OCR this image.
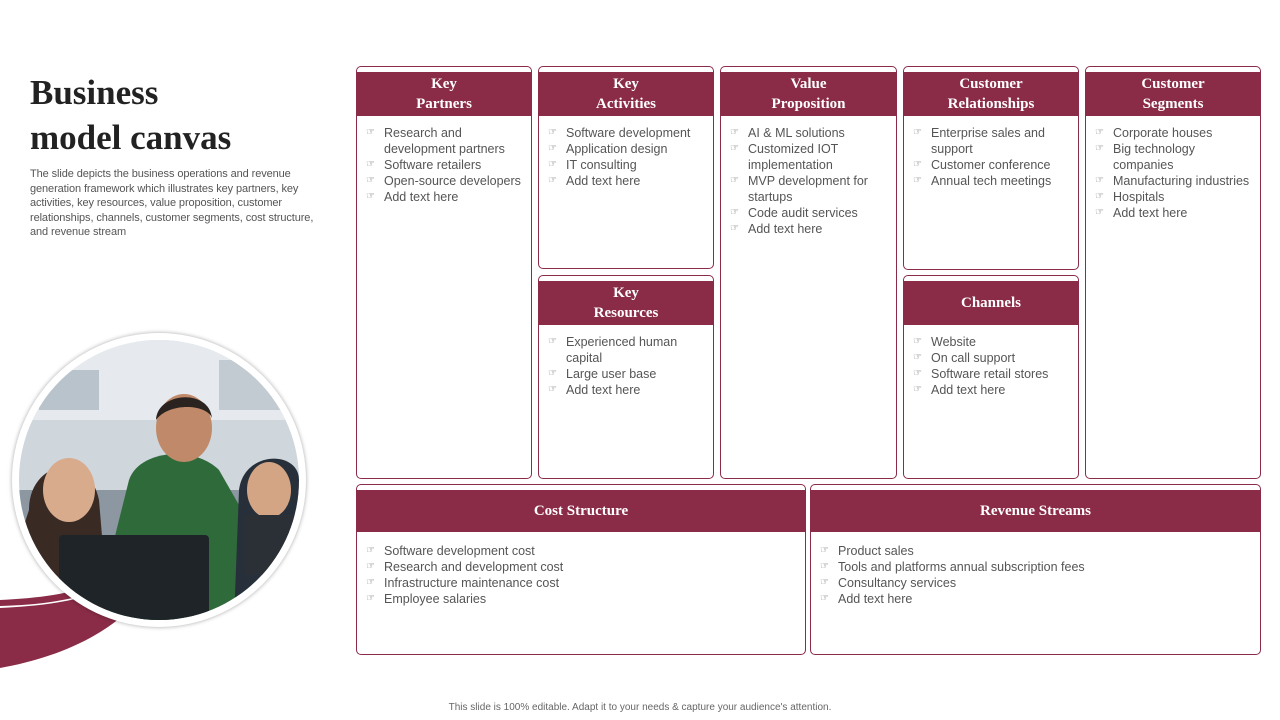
Business
model canvas
The slide depicts the business operations and revenue generation framework which illustrates key partners, key activities, key resources, value proposition, customer relationships, channels, customer segments, cost structure, and revenue stream
Key
Partners
☞ Research and development partners
☞ Software retailers
☞ Open-source developers
☞ Add text here
Key
Activities
☞ Software development
☞ Application design
☞ IT consulting
☞ Add text here
Key
Resources
☞ Experienced human capital
☞ Large user base
☞ Add text here
Value
Proposition
☞ AI & ML solutions
☞ Customized IOT implementation
☞ MVP development for startups
☞ Code audit services
☞ Add text here
Customer
Relationships
☞ Enterprise sales and support
☞ Customer conference
☞ Annual tech meetings
Channels
☞ Website
☞ On call support
☞ Software retail stores
☞ Add text here
Customer
Segments
☞ Corporate houses
☞ Big technology companies
☞ Manufacturing industries
☞ Hospitals
☞ Add text here
Cost Structure
☞ Software development cost
☞ Research and development cost
☞ Infrastructure maintenance cost
☞ Employee salaries
Revenue Streams
☞ Product sales
☞ Tools and platforms annual subscription fees
☞ Consultancy services
☞ Add text here
This slide is 100% editable. Adapt it to your needs & capture your audience's attention.
